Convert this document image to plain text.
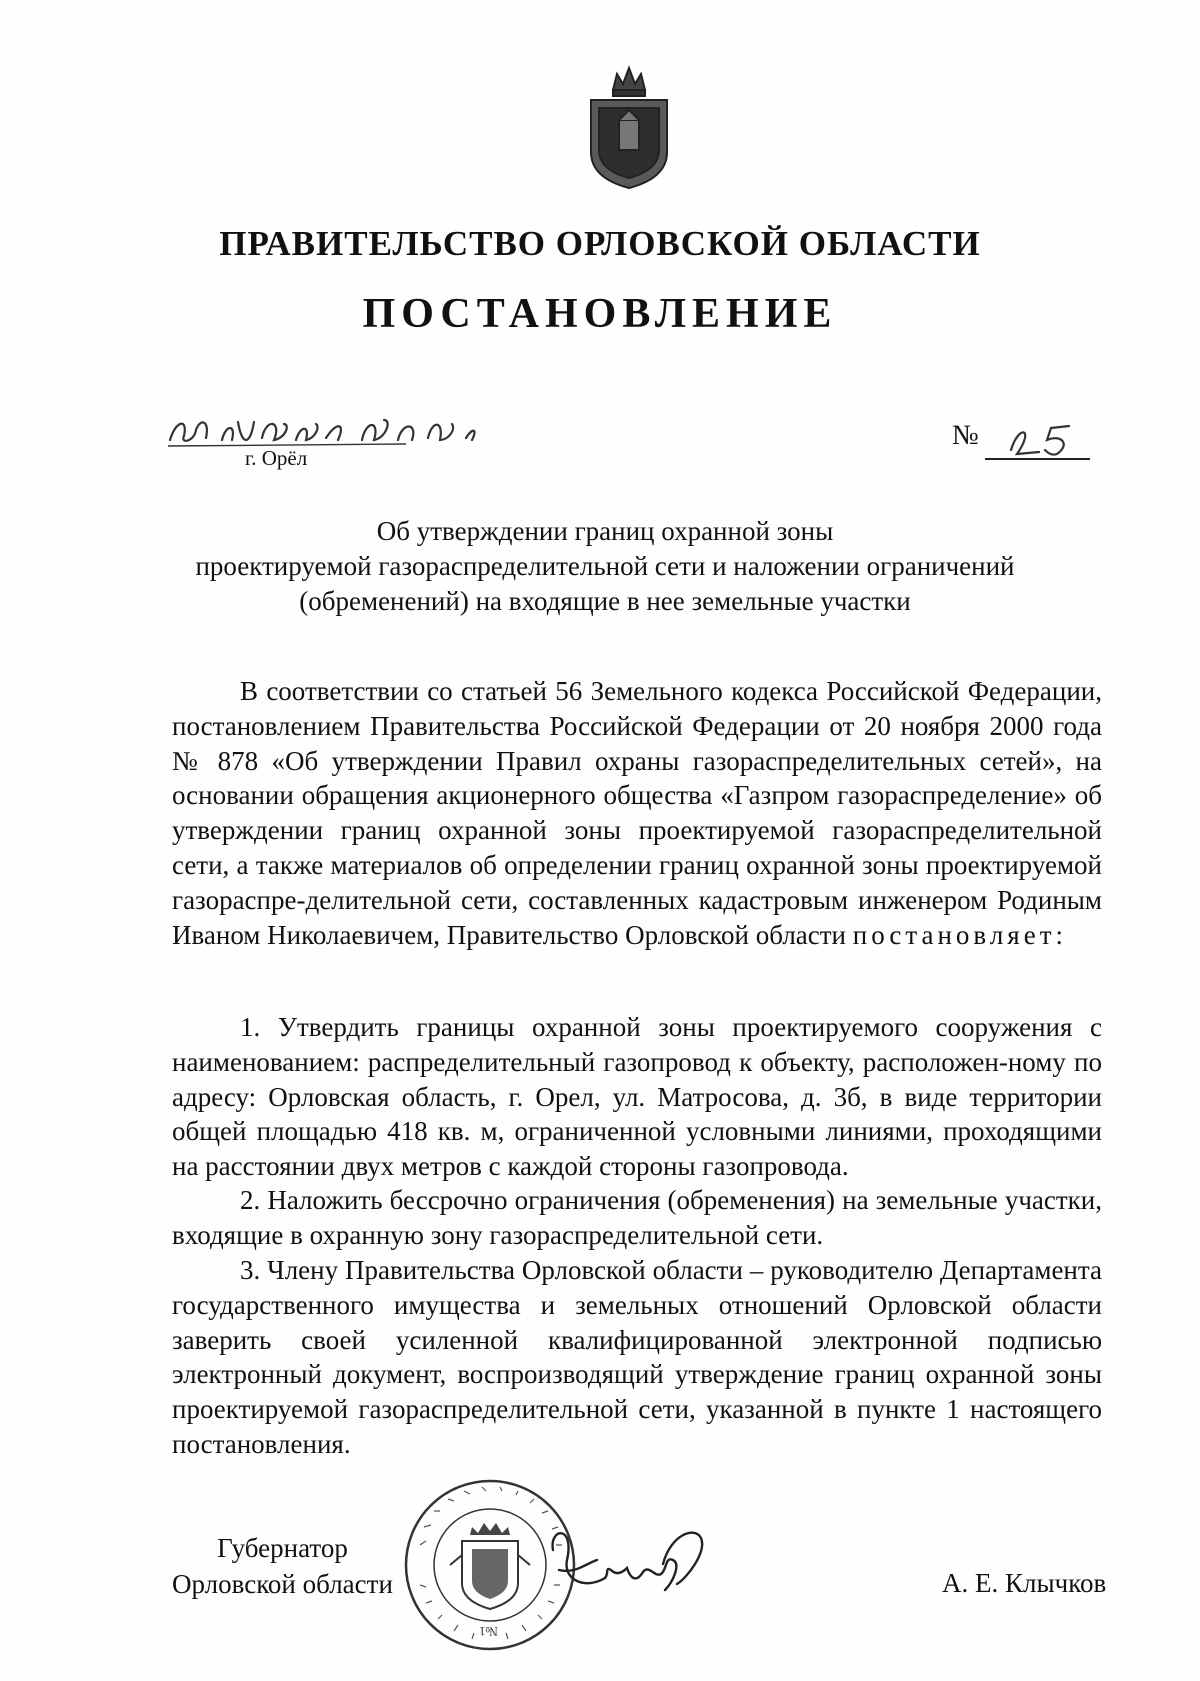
ПРАВИТЕЛЬСТВО ОРЛОВСКОЙ ОБЛАСТИ
ПОСТАНОВЛЕНИЕ
г. Орёл
№
Об утверждении границ охранной зоны
проектируемой газораспределительной сети и наложении ограничений
(обременений) на входящие в нее земельные участки

В соответствии со статьей 56 Земельного кодекса Российской Федерации, постановлением Правительства Российской Федерации от 20 ноября 2000 года № 878 «Об утверждении Правил охраны газораспределительных сетей», на основании обращения акционерного общества «Газпром газораспределение» об утверждении границ охранной зоны проектируемой газораспределительной сети, а также материалов об определении границ охранной зоны проектируемой газораспре-делительной сети, составленных кадастровым инженером Родиным Иваном Николаевичем, Правительство Орловской области постановляет:

1. Утвердить границы охранной зоны проектируемого сооружения с наименованием: распределительный газопровод к объекту, расположен-ному по адресу: Орловская область, г. Орел, ул. Матросова, д. 3б, в виде территории общей площадью 418 кв. м, ограниченной условными линиями, проходящими на расстоянии двух метров с каждой стороны газопровода.

2. Наложить бессрочно ограничения (обременения) на земельные участки, входящие в охранную зону газораспределительной сети.

3. Члену Правительства Орловской области – руководителю Департамента государственного имущества и земельных отношений Орловской области заверить своей усиленной квалифицированной электронной подписью электронный документ, воспроизводящий утверждение границ охранной зоны проектируемой газораспределительной сети, указанной в пункте 1 настоящего постановления.

Губернатор
Орловской области
№1
А. Е. Клычков
